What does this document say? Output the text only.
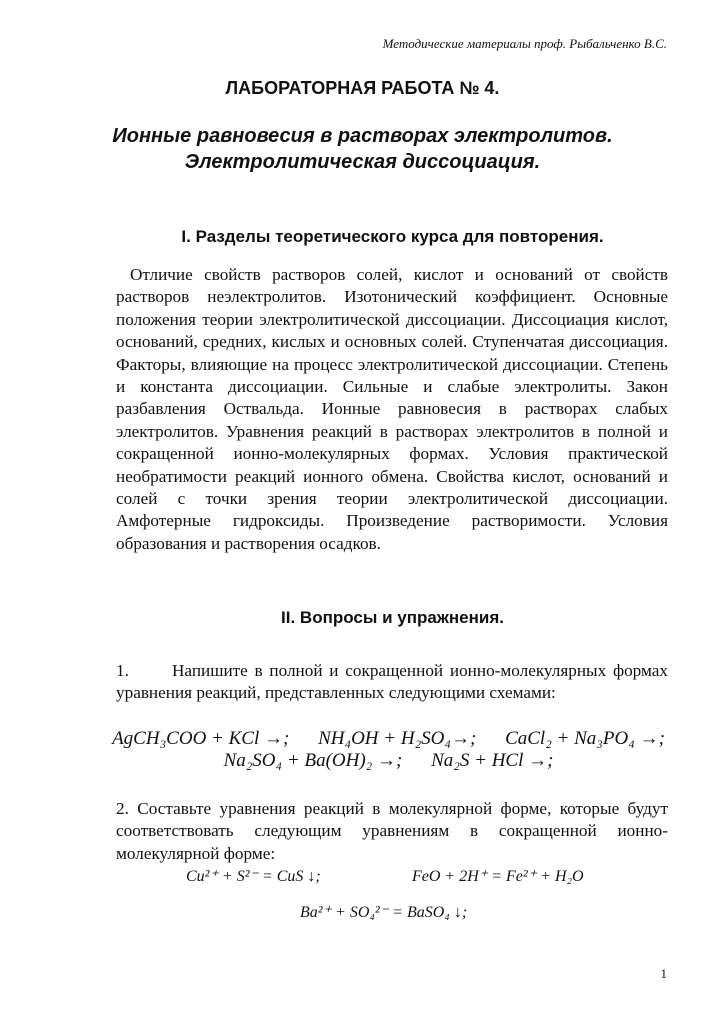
Методические материалы проф. Рыбальченко В.С.
ЛАБОРАТОРНАЯ РАБОТА № 4.
Ионные равновесия в растворах электролитов.
Электролитическая диссоциация.
I. Разделы теоретического курса для повторения.

Отличие свойств растворов солей, кислот и оснований от свойств растворов неэлектролитов. Изотонический коэффициент. Основные положения теории электролитической диссоциации. Диссоциация кислот, оснований, средних, кислых и основных солей. Ступенчатая диссоциация. Факторы, влияющие на процесс электролитической диссоциации. Степень и константа диссоциации. Сильные и слабые электролиты. Закон разбавления Оствальда. Ионные равновесия в растворах слабых электролитов. Уравнения реакций в растворах электролитов в полной и сокращенной ионно-молекулярных формах. Условия практической необратимости реакций ионного обмена. Свойства кислот, оснований и солей с точки зрения теории электролитической диссоциации. Амфотерные гидроксиды. Произведение растворимости. Условия образования и растворения осадков.

II. Вопросы и упражнения.

1.	Напишите в полной и сокращенной ионно-молекулярных формах уравнения реакций, представленных следующими схемами:

AgCH₃COO + KCl →; NH₄OH + H₂SO₄→; CaCl₂ + Na₃PO₄ →;
Na₂SO₄ + Ba(OH)₂ →; Na₂S + HCl →;

2. Составьте уравнения реакций в молекулярной форме, которые будут соответствовать следующим уравнениям в сокращенной ионно-молекулярной форме:

Cu²⁺ + S²⁻ = CuS ↓;	FeO + 2H⁺ = Fe²⁺ + H₂O
Ba²⁺ + SO₄²⁻ = BaSO₄ ↓;
1
